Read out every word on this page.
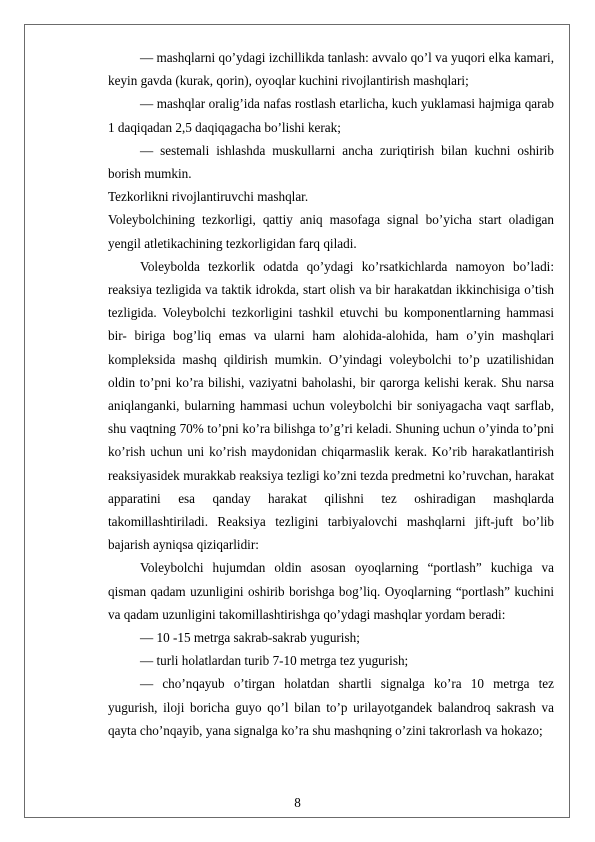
— mashqlarni qo’ydagi izchillikda tanlash: avvalo qo’l va yuqori elka kamari, keyin gavda (kurak, qorin), oyoqlar kuchini rivojlantirish mashqlari;

— mashqlar oralig’ida nafas rostlash etarlicha, kuch yuklamasi hajmiga qarab 1 daqiqadan 2,5 daqiqagacha bo’lishi kerak;

— sestemali ishlashda muskullarni ancha zuriqtirish bilan kuchni oshirib borish mumkin.

Tezkorlikni rivojlantiruvchi mashqlar.

Voleybolchining tezkorligi, qattiy aniq masofaga signal bo’yicha start oladigan yengil atletikachining tezkorligidan farq qiladi.

Voleybolda tezkorlik odatda qo’ydagi ko’rsatkichlarda namoyon bo’ladi: reaksiya tezligida va taktik idrokda, start olish va bir harakatdan ikkinchisiga o’tish tezligida. Voleybolchi tezkorligini tashkil etuvchi bu komponentlarning hammasi bir- biriga bog’liq emas va ularni ham alohida-alohida, ham o’yin mashqlari kompleksida mashq qildirish mumkin. O’yindagi voleybolchi to’p uzatilishidan oldin to’pni ko’ra bilishi, vaziyatni baholashi, bir qarorga kelishi kerak. Shu narsa aniqlanganki, bularning hammasi uchun voleybolchi bir soniyagacha vaqt sarflab, shu vaqtning 70% to’pni ko’ra bilishga to’g’ri keladi. Shuning uchun o’yinda to’pni ko’rish uchun uni ko’rish maydonidan chiqarmaslik kerak. Ko’rib harakatlantirish reaksiyasidek murakkab reaksiya tezligi ko’zni tezda predmetni ko’ruvchan, harakat apparatini esa qanday harakat qilishni tez oshiradigan mashqlarda takomillashtiriladi. Reaksiya tezligini tarbiyalovchi mashqlarni jift-juft bo’lib bajarish ayniqsa qiziqarlidir:

Voleybolchi hujumdan oldin asosan oyoqlarning “portlash” kuchiga va qisman qadam uzunligini oshirib borishga bog’liq. Oyoqlarning “portlash” kuchini va qadam uzunligini takomillashtirishga qo’ydagi mashqlar yordam beradi:

— 10 -15 metrga sakrab-sakrab yugurish;

— turli holatlardan turib 7-10 metrga tez yugurish;

— cho’nqayub o’tirgan holatdan shartli signalga ko’ra 10 metrga tez yugurish, iloji boricha guyo qo’l bilan to’p urilayotgandek balandroq sakrash va qayta cho’nqayib, yana signalga ko’ra shu mashqning o’zini takrorlash va hokazo;

8
